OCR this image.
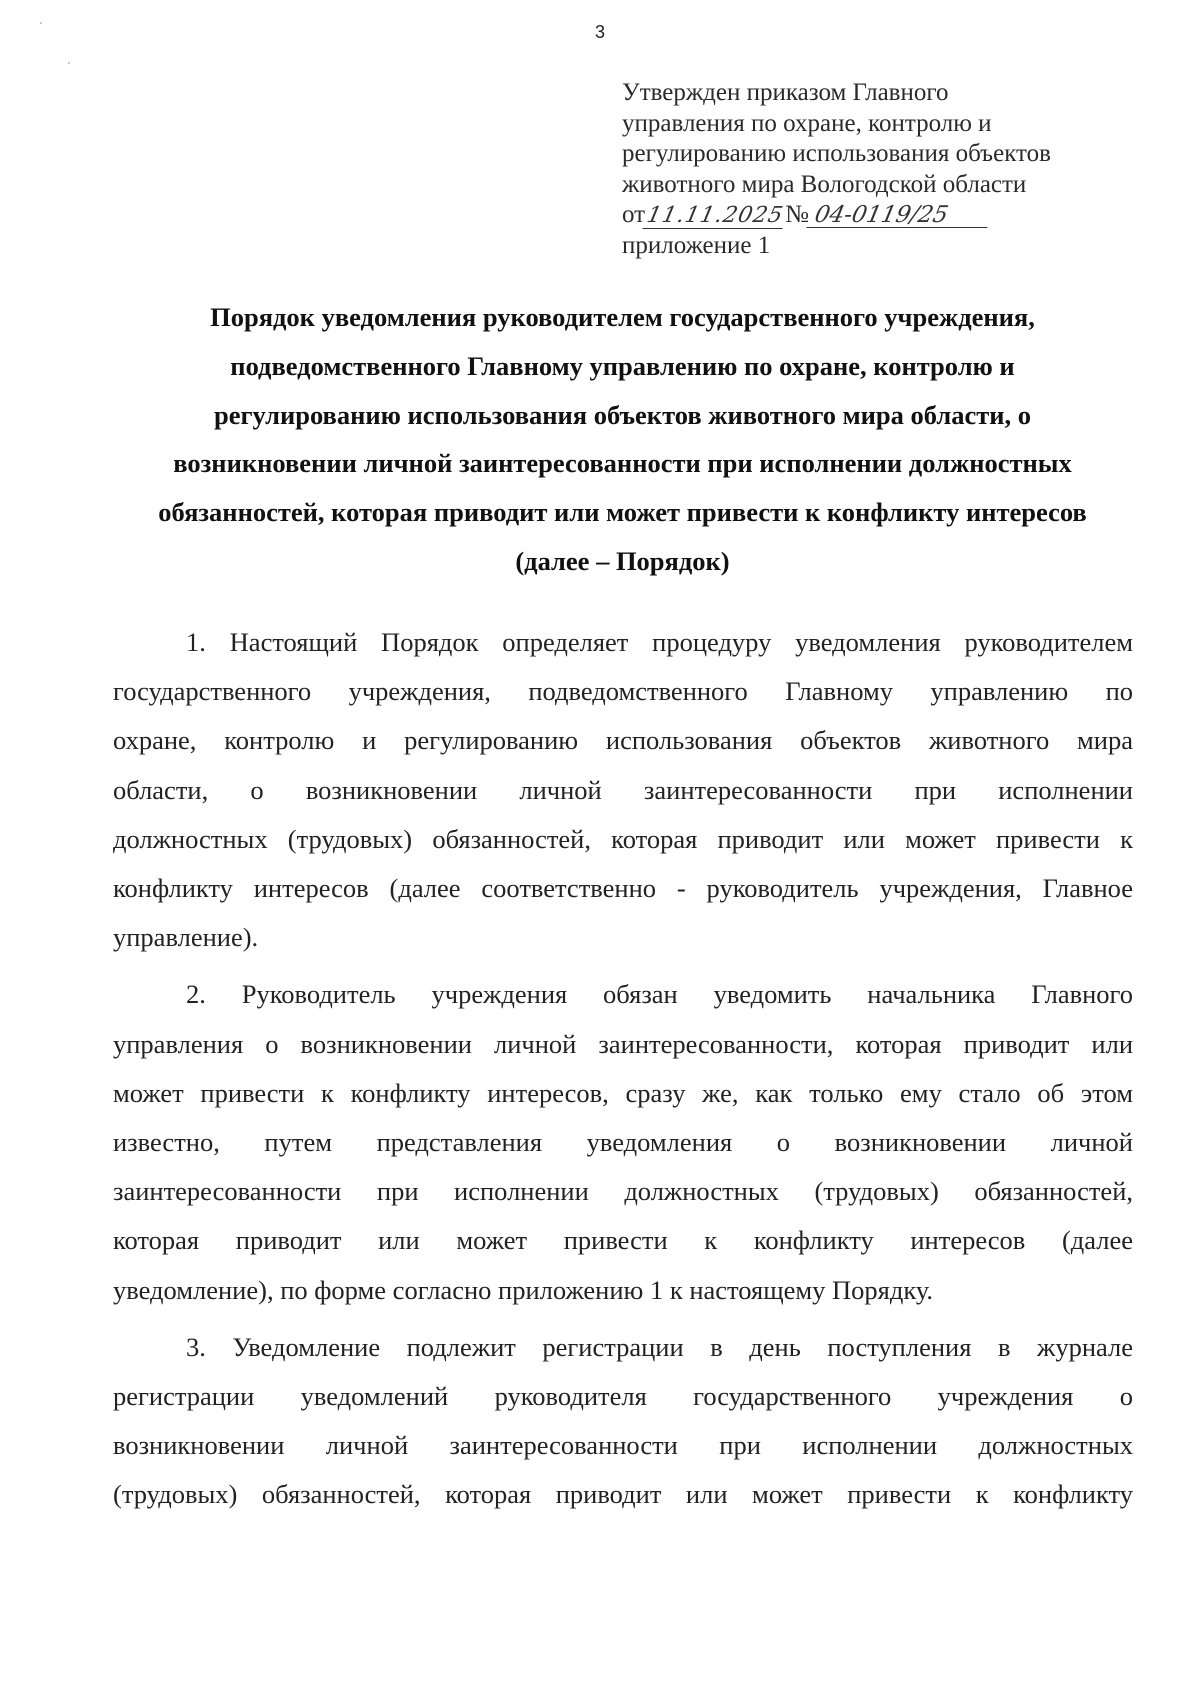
3
Утвержден приказом Главного
управления по охране, контролю и
регулированию использования объектов
животного мира Вологодской области
от11.11.2025№ 04-0119/25
приложение 1
Порядок уведомления руководителем государственного учреждения,
подведомственного Главному управлению по охране, контролю и
регулированию использования объектов животного мира области, о
возникновении личной заинтересованности при исполнении должностных
обязанностей, которая приводит или может привести к конфликту интересов
(далее – Порядок)
1. Настоящий Порядок определяет процедуру уведомления руководителем
государственного учреждения, подведомственного Главному управлению по
охране, контролю и регулированию использования объектов животного мира
области, о возникновении личной заинтересованности при исполнении
должностных (трудовых) обязанностей, которая приводит или может привести к
конфликту интересов (далее соответственно - руководитель учреждения, Главное
управление).
2. Руководитель учреждения обязан уведомить начальника Главного
управления о возникновении личной заинтересованности, которая приводит или
может привести к конфликту интересов, сразу же, как только ему стало об этом
известно, путем представления уведомления о возникновении личной
заинтересованности при исполнении должностных (трудовых) обязанностей,
которая приводит или может привести к конфликту интересов (далее
уведомление), по форме согласно приложению 1 к настоящему Порядку.
3. Уведомление подлежит регистрации в день поступления в журнале
регистрации уведомлений руководителя государственного учреждения о
возникновении личной заинтересованности при исполнении должностных
(трудовых) обязанностей, которая приводит или может привести к конфликту
